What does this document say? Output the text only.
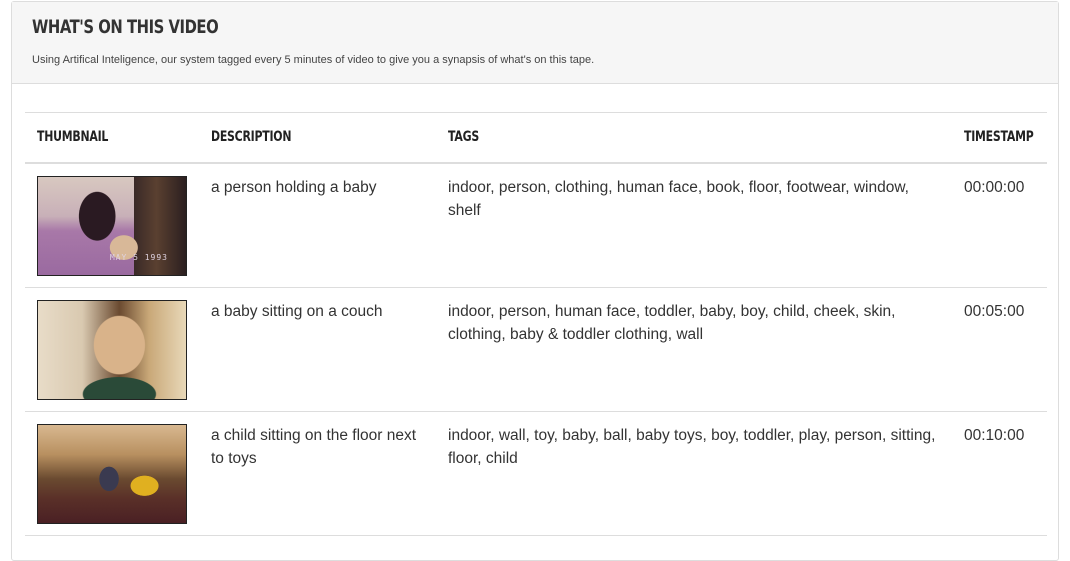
WHAT'S ON THIS VIDEO

Using Artifical Inteligence, our system tagged every 5 minutes of video to give you a synapsis of what's on this tape.

THUMBNAIL	DESCRIPTION	TAGS	TIMESTAMP

MAY 5 1993	a person holding a baby	indoor, person, clothing, human face, book, floor, footwear, window, shelf	00:00:00

	a baby sitting on a couch	indoor, person, human face, toddler, baby, boy, child, cheek, skin, clothing, baby & toddler clothing, wall	00:05:00

	a child sitting on the floor next to toys	indoor, wall, toy, baby, ball, baby toys, boy, toddler, play, person, sitting, floor, child	00:10:00
